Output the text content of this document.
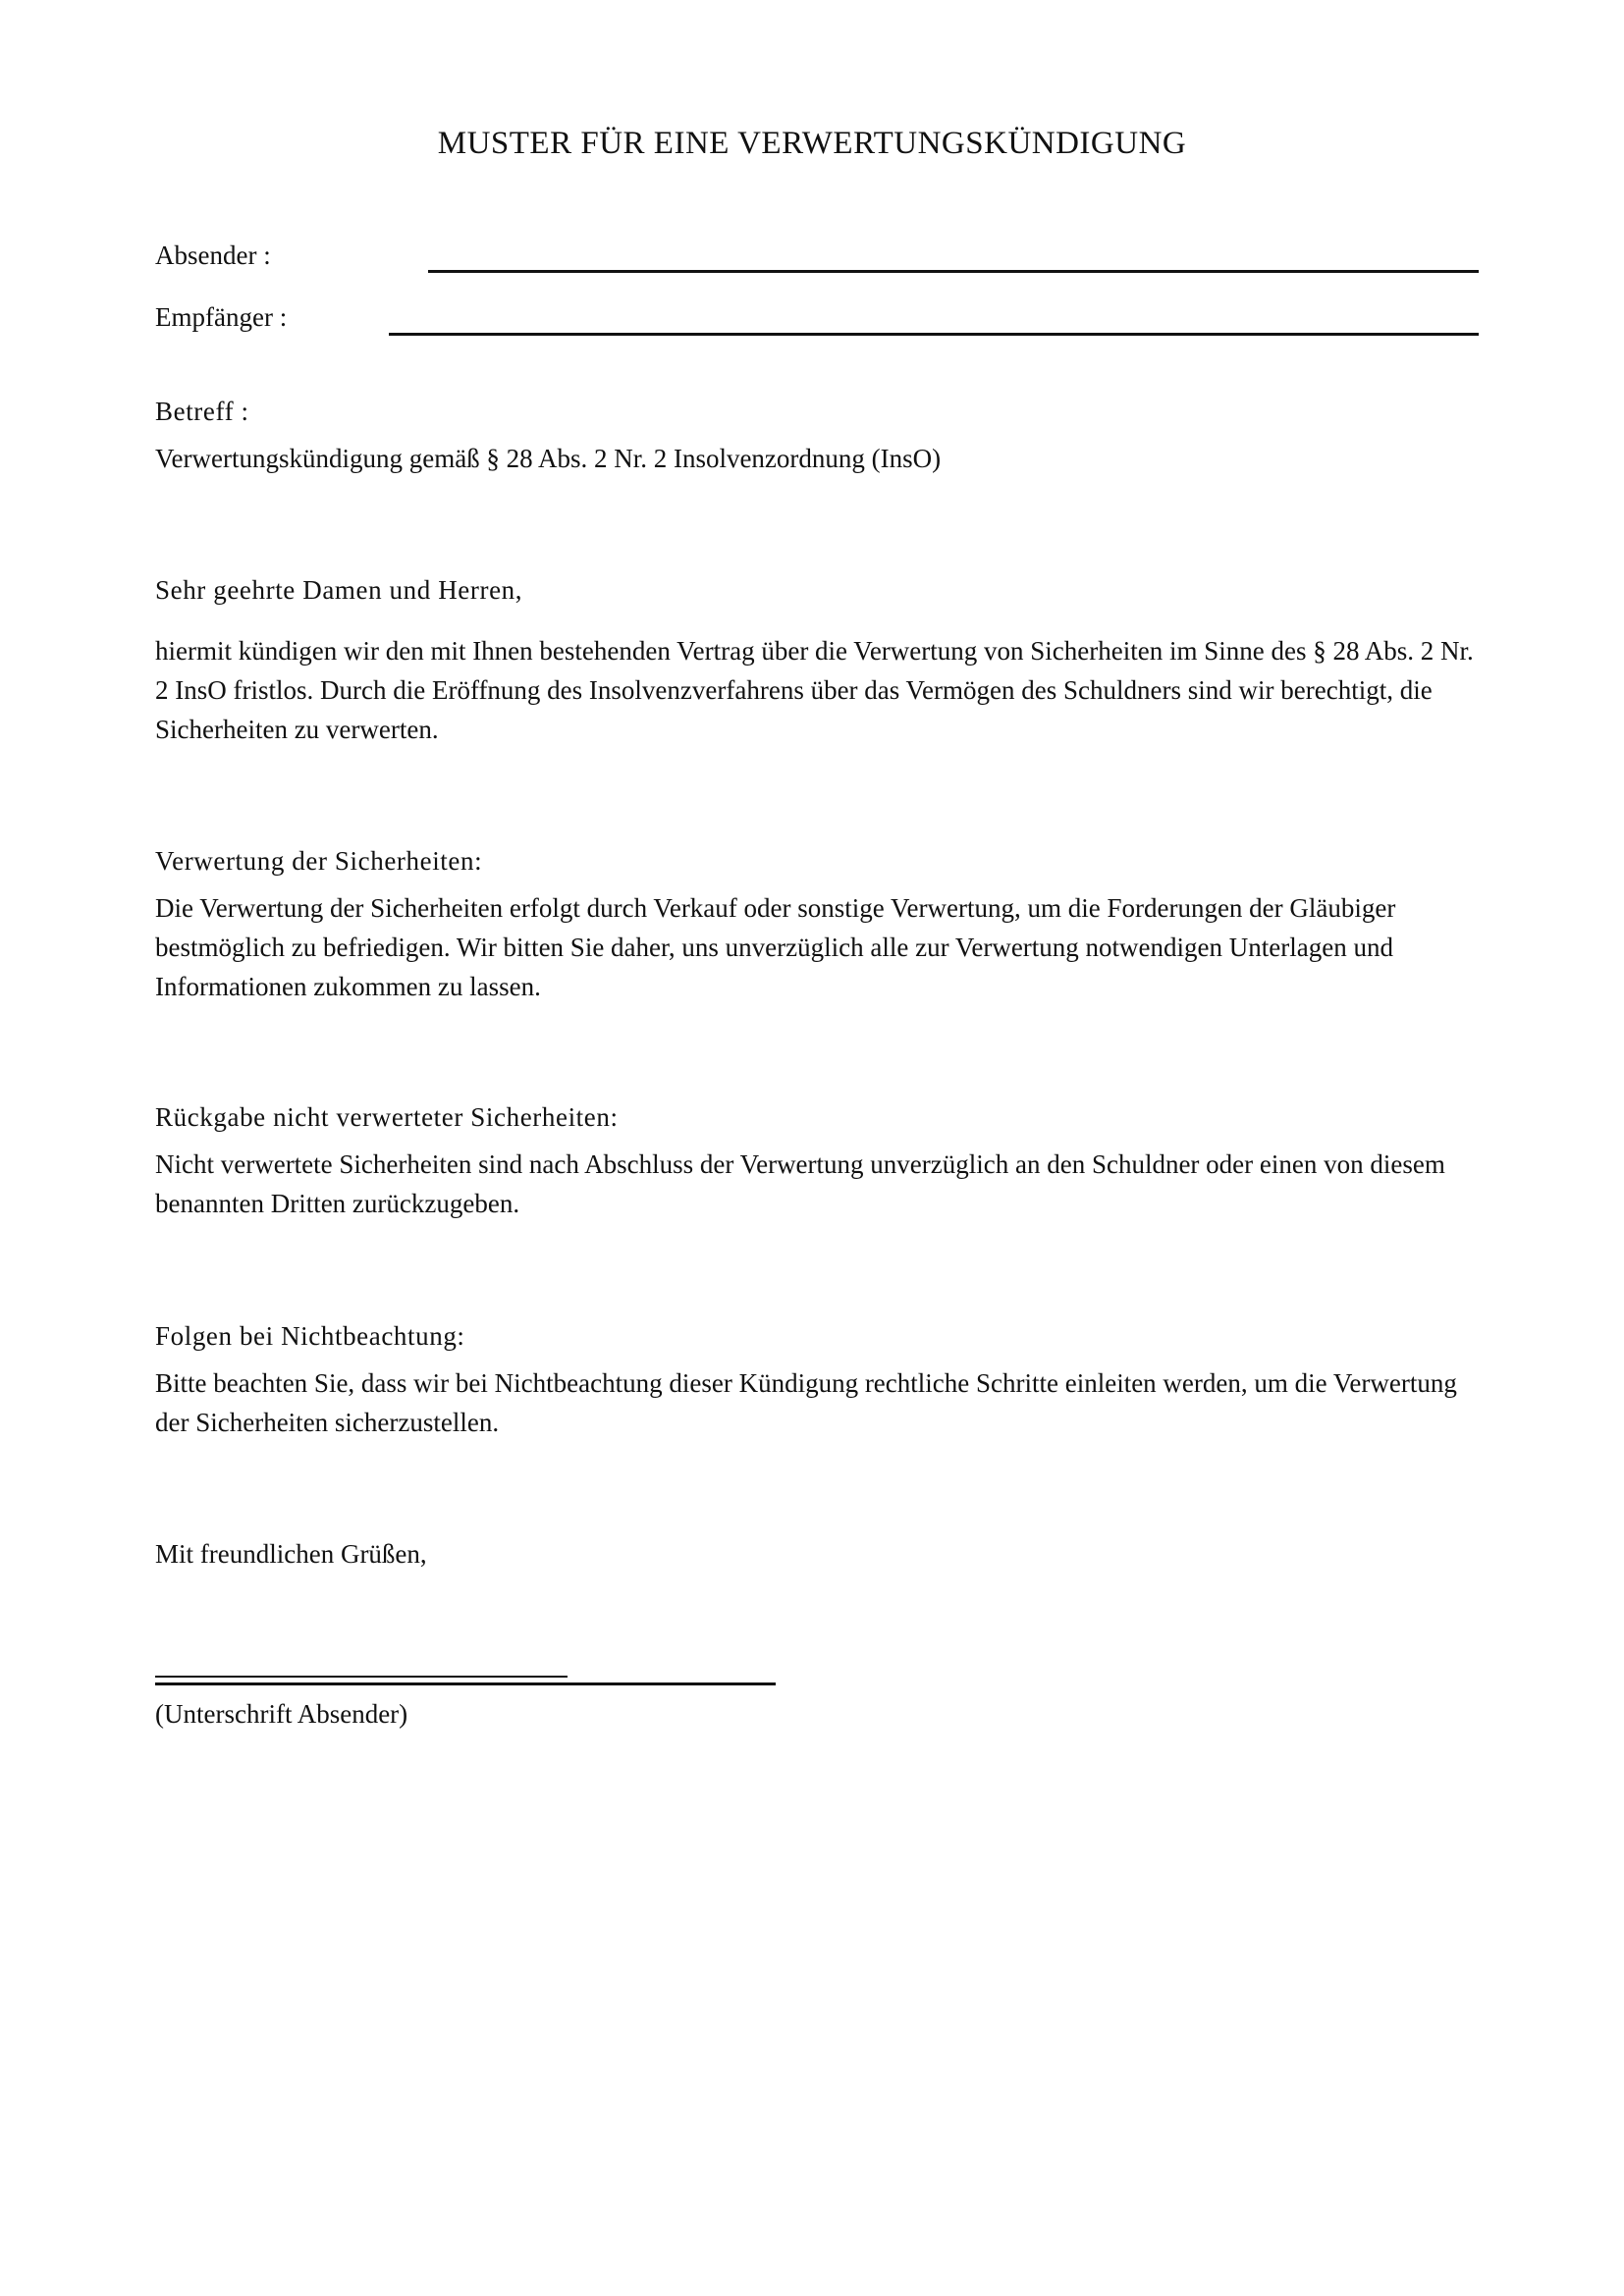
MUSTER FÜR EINE VERWERTUNGSKÜNDIGUNG
Absender :
Empfänger :
Betreff :
Verwertungskündigung gemäß § 28 Abs. 2 Nr. 2 Insolvenzordnung (InsO)
Sehr geehrte Damen und Herren,
hiermit kündigen wir den mit Ihnen bestehenden Vertrag über die Verwertung von Sicherheiten im Sinne des § 28 Abs. 2 Nr. 2 InsO fristlos. Durch die Eröffnung des Insolvenzverfahrens über das Vermögen des Schuldners sind wir berechtigt, die Sicherheiten zu verwerten.
Verwertung der Sicherheiten:
Die Verwertung der Sicherheiten erfolgt durch Verkauf oder sonstige Verwertung, um die Forderungen der Gläubiger bestmöglich zu befriedigen. Wir bitten Sie daher, uns unverzüglich alle zur Verwertung notwendigen Unterlagen und Informationen zukommen zu lassen.
Rückgabe nicht verwerteter Sicherheiten:
Nicht verwertete Sicherheiten sind nach Abschluss der Verwertung unverzüglich an den Schuldner oder einen von diesem benannten Dritten zurückzugeben.
Folgen bei Nichtbeachtung:
Bitte beachten Sie, dass wir bei Nichtbeachtung dieser Kündigung rechtliche Schritte einleiten werden, um die Verwertung der Sicherheiten sicherzustellen.
Mit freundlichen Grüßen,
(Unterschrift Absender)
